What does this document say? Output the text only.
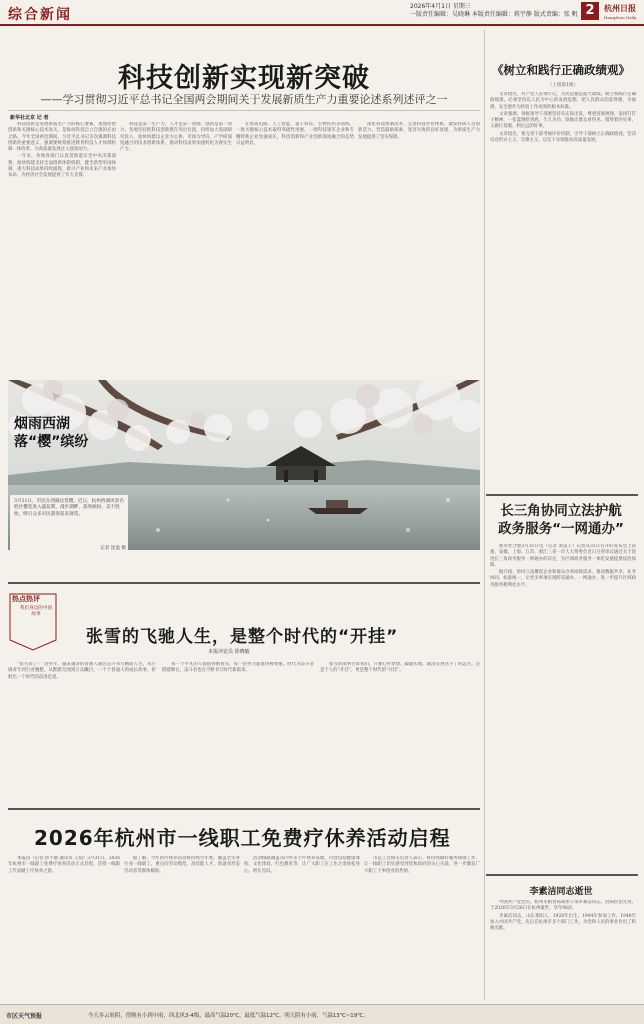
综合新闻
2026年4月1日 星期三
一版责任编辑：吴晓琳 本版责任编辑：蒋宇静 版式责编：张 帆 2	杭州日报
Hangzhou Daily
科技创新实现新突破
——学习贯彻习近平总书记全国两会期间关于发展新质生产力重要论述系列述评之一
新华社北京 记 者

科技创新是发展新质生产力的核心要素，加强原始创新和关键核心技术攻关，是推动科技自立自强的必由之路。今年全国两会期间，习近平总书记多次强调科技创新的重要意义，强调要统筹推进教育科技人才体制机制一体改革，为高质量发展注入强劲动力。

一年来，各地各部门认真贯彻落实党中央决策部署，加快构建支持全面创新体制机制，健全新型举国体制，重大科技成果持续涌现，新兴产业和未来产业加快布局，为经济社会发展提供了有力支撑。

科技是第一生产力、人才是第一资源、创新是第一动力。各地坚持把科技创新摆在突出位置，持续加大基础研究投入，加快构建以企业为主体、市场为导向、产学研深度融合的技术创新体系，推动科技成果加速转化为现实生产力。

在集成电路、人工智能、量子科技、生物医药等领域，一批关键核心技术取得突破性进展，一批科技领军企业和专精特新企业快速成长，科技创新和产业创新深度融合的态势日益明显。

深化科技体制改革，完善科技评价体系，激发科研人员创新活力，营造鼓励探索、宽容失败的良好氛围，为新质生产力发展提供了坚实保障。

烟雨西湖
落“樱”缤纷
3月31日，市民在西湖边赏樱。近日，杭州西湖风景名胜区樱花进入盛花期，漫步湖畔，落英缤纷，美不胜收，吸引众多市民游客前来观赏。
记者 沈盈 摄
热点热评
我们身边的中国故事
张雪的飞驰人生，是整个时代的“开挂”
本报评论员 徐晓敏

“张雪来了！”这些年，越来越多的普通人通过奋斗书写精彩人生。从小镇青年到行业翘楚，从默默无闻到万众瞩目，一个个普通人的成长故事，折射出一个时代的奋进足迹。

每一个平凡的人都值得被看见，每一份努力都值得被尊重。时代为奋斗者搭建舞台，奋斗者也在不断书写时代新篇章。

张雪的故事告诉我们，只要心怀梦想、脚踏实地，就没有到达不了的远方。这是个人的“开挂”，更是整个时代的“开挂”。

2026年杭州市一线职工免费疗休养活动启程

本报讯（记者 蒋宇静 通讯员 王仙）3月31日，2026年杭州市一线职工免费疗休养活动正式启程，首批一线职工代表踏上疗休养之旅。

据了解，今年的疗休养活动将持续至年底，覆盖全市各行业一线职工，重点向劳动模范、高技能人才、新就业形态劳动者等群体倾斜。

活动线路涵盖省内外多个疗休养基地，内容包括健康体检、文化体验、红色教育等，让广大职工在工作之余放松身心、增长见识。

市总工会相关负责人表示，将持续做好服务保障工作，让一线职工切实感受到党和政府的关心关爱，进一步激发广大职工干事创业的热情。

《树立和践行正确政绩观》
（上接第1版）

文章指出，共产党人必须牢记，为民造福是最大政绩。树立和践行正确政绩观，必须坚持以人民为中心的发展思想，把人民群众的获得感、幸福感、安全感作为检验工作成效的根本标准。

文章强调，各级领导干部要坚持从实际出发，尊重客观规律，发扬钉钉子精神，一张蓝图绘到底，久久为功，既做让群众看得见、摸得着的实事，又做打基础、利长远的好事。

文章指出，要完善干部考核评价机制，引导干部树立正确政绩观，坚决反对形式主义、官僚主义，以实干实绩推动高质量发展。

长三角协同立法护航
政务服务“一网通办”

新华社合肥3月31日电（记者 刘美子）记者从31日召开的发布会上获悉，安徽、上海、江苏、浙江三省一市人大常委会近日分别审议通过关于促进长三角政务服务一网通办的决定，为区域政务服务一体化发展提供法治保障。

据介绍，协同立法聚焦企业和群众办事高频需求，推动数据共享、业务协同、标准统一，让更多事项实现跨省通办、一网通办，进一步提升区域政务服务便利化水平。

李素洁同志逝世

中国共产党党员、杭州市粮食局离休干部李素洁同志，因病医治无效，于2026年3月26日在杭州逝世，享年98岁。

李素洁同志，山东莱阳人，1928年出生，1944年参加工作，1948年加入中国共产党。先后在杭州市多个部门工作，为党和人民的事业作出了积极贡献。

市区天气预报	今天多云转阴，傍晚有小到中雨，西北风3-4级，最高气温20℃，最低气温12℃。明天阴有小雨，气温13℃~19℃。
